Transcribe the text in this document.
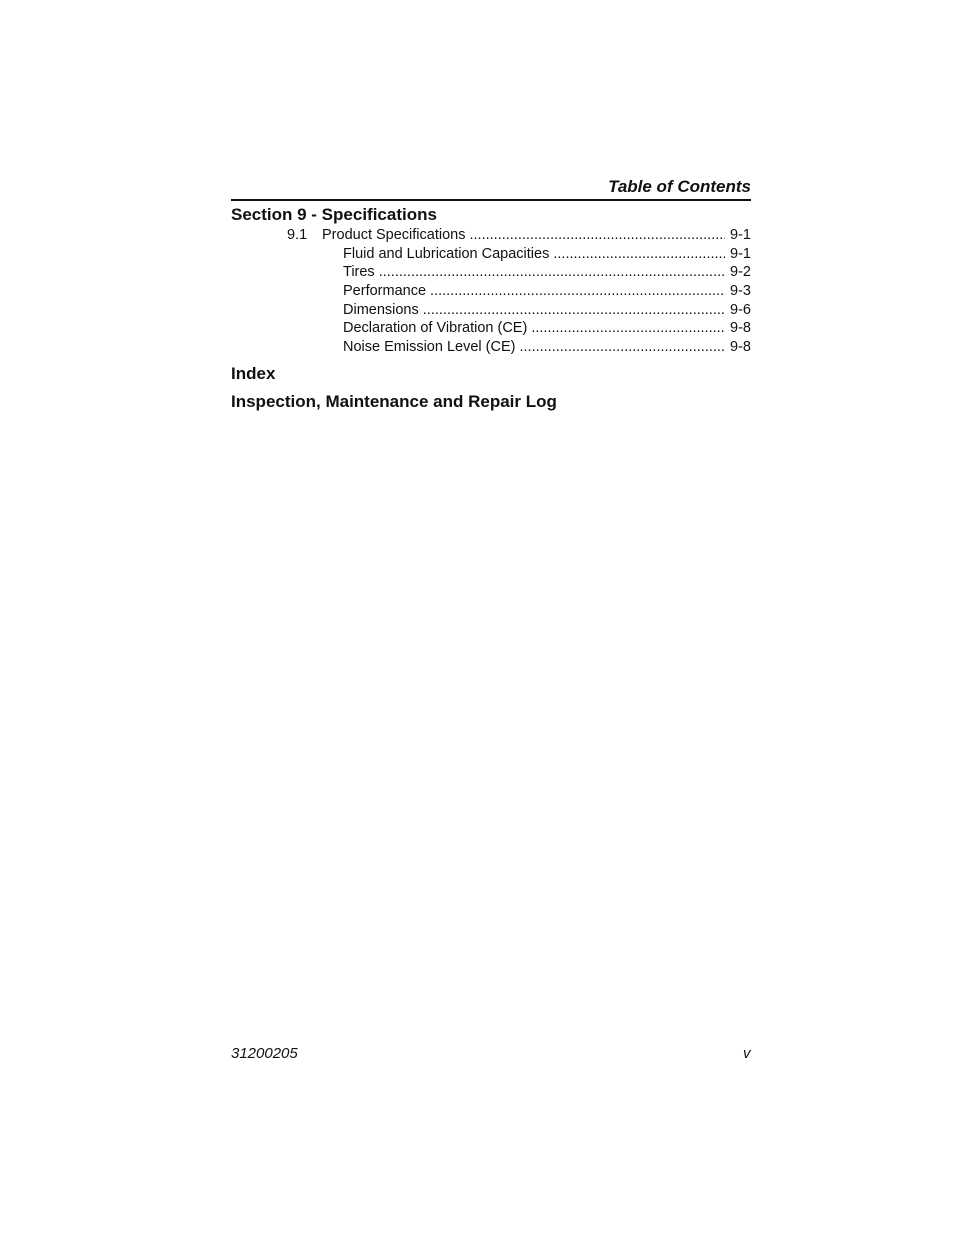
Table of Contents
Section 9 - Specifications
9.1 Product Specifications .....	9-1
Fluid and Lubrication Capacities .....	9-1
Tires .....	9-2
Performance .....	9-3
Dimensions .....	9-6
Declaration of Vibration (CE) .....	9-8
Noise Emission Level (CE) .....	9-8
Index
Inspection, Maintenance and Repair Log
31200205	v
